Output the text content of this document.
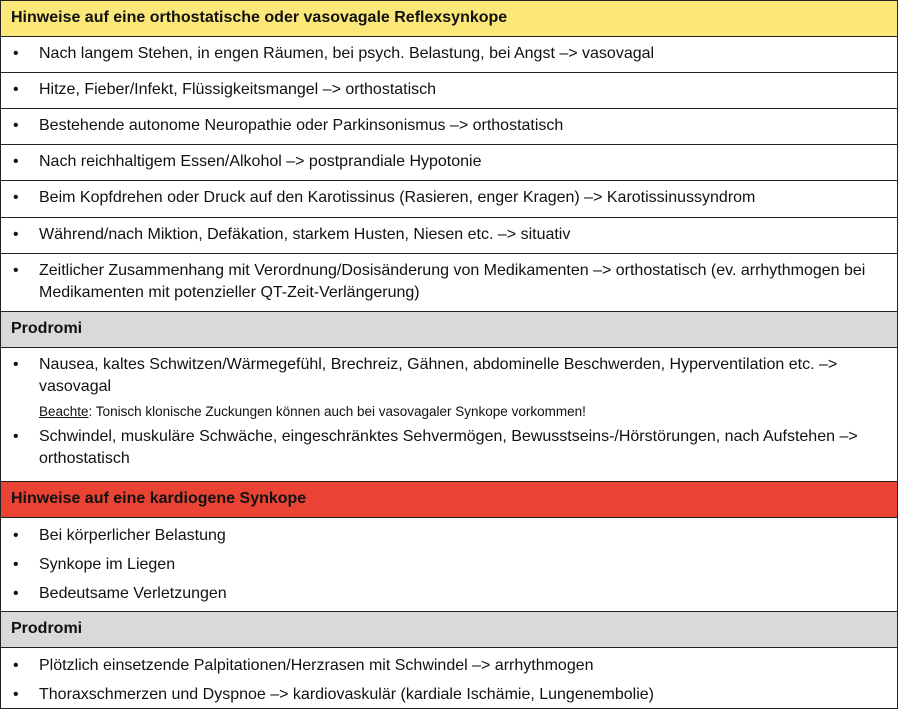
Hinweise auf eine orthostatische oder vasovagale Reflexsynkope
•	Nach langem Stehen, in engen Räumen, bei psych. Belastung, bei Angst –> vasovagal
•	Hitze, Fieber/Infekt, Flüssigkeitsmangel –> orthostatisch
•	Bestehende autonome Neuropathie oder Parkinsonismus –> orthostatisch
•	Nach reichhaltigem Essen/Alkohol –> postprandiale Hypotonie
•	Beim Kopfdrehen oder Druck auf den Karotissinus (Rasieren, enger Kragen) –> Karotissinussyndrom
•	Während/nach Miktion, Defäkation, starkem Husten, Niesen etc. –> situativ
•	Zeitlicher Zusammenhang mit Verordnung/Dosisänderung von Medikamenten –> orthostatisch (ev. arrhythmogen bei Medikamenten mit potenzieller QT-Zeit-Verlängerung)
Prodromi
•	Nausea, kaltes Schwitzen/Wärmegefühl, Brechreiz, Gähnen, abdominelle Beschwerden, Hyperventilation etc. –> vasovagal
Beachte: Tonisch klonische Zuckungen können auch bei vasovagaler Synkope vorkommen!
•	Schwindel, muskuläre Schwäche, eingeschränktes Sehvermögen, Bewusstseins-/Hörstörungen, nach Aufstehen –> orthostatisch
Hinweise auf eine kardiogene Synkope
•	Bei körperlicher Belastung
•	Synkope im Liegen
•	Bedeutsame Verletzungen
Prodromi
•	Plötzlich einsetzende Palpitationen/Herzrasen mit Schwindel –> arrhythmogen
•	Thoraxschmerzen und Dyspnoe –> kardiovaskulär (kardiale Ischämie, Lungenembolie)
